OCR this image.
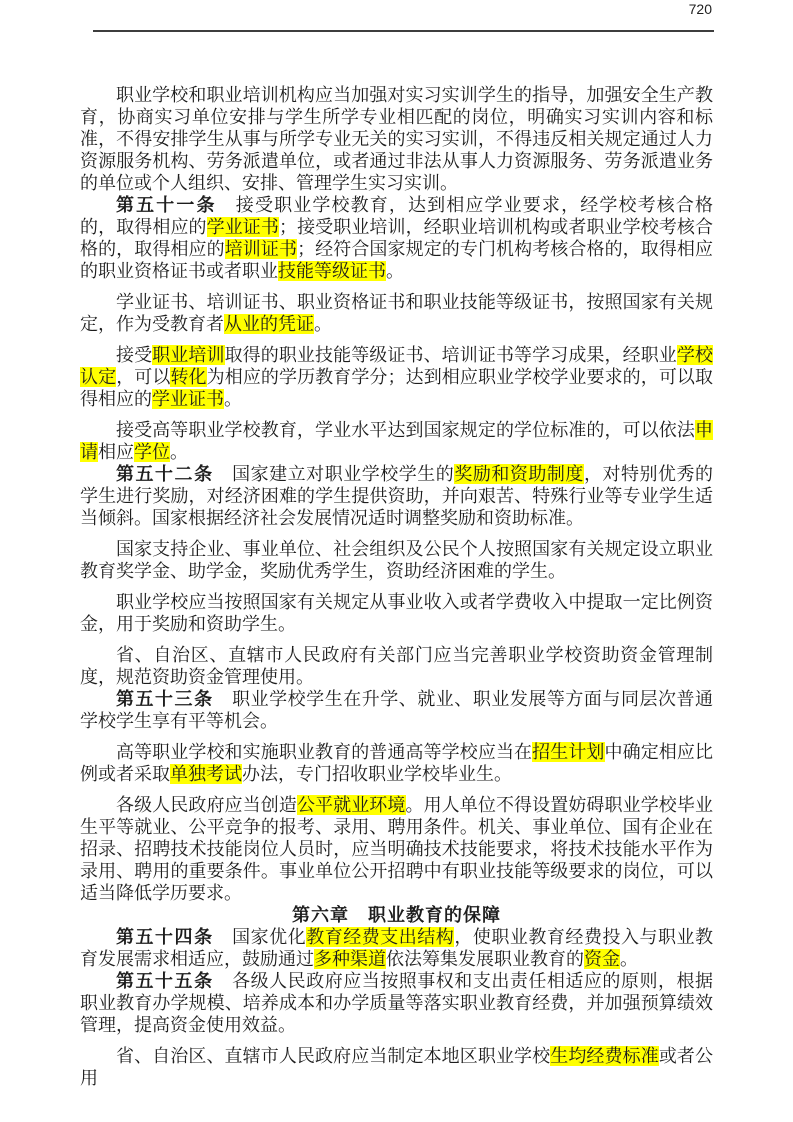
720

职业学校和职业培训机构应当加强对实习实训学生的指导，加强安全生产教育，协商实习单位安排与学生所学专业相匹配的岗位，明确实习实训内容和标准，不得安排学生从事与所学专业无关的实习实训，不得违反相关规定通过人力资源服务机构、劳务派遣单位，或者通过非法从事人力资源服务、劳务派遣业务的单位或个人组织、安排、管理学生实习实训。

第五十一条　接受职业学校教育，达到相应学业要求，经学校考核合格的，取得相应的学业证书；接受职业培训，经职业培训机构或者职业学校考核合格的，取得相应的培训证书；经符合国家规定的专门机构考核合格的，取得相应的职业资格证书或者职业技能等级证书。

学业证书、培训证书、职业资格证书和职业技能等级证书，按照国家有关规定，作为受教育者从业的凭证。

接受职业培训取得的职业技能等级证书、培训证书等学习成果，经职业学校认定，可以转化为相应的学历教育学分；达到相应职业学校学业要求的，可以取得相应的学业证书。

接受高等职业学校教育，学业水平达到国家规定的学位标准的，可以依法申请相应学位。

第五十二条　国家建立对职业学校学生的奖励和资助制度，对特别优秀的学生进行奖励，对经济困难的学生提供资助，并向艰苦、特殊行业等专业学生适当倾斜。国家根据经济社会发展情况适时调整奖励和资助标准。

国家支持企业、事业单位、社会组织及公民个人按照国家有关规定设立职业教育奖学金、助学金，奖励优秀学生，资助经济困难的学生。

职业学校应当按照国家有关规定从事业收入或者学费收入中提取一定比例资金，用于奖励和资助学生。

省、自治区、直辖市人民政府有关部门应当完善职业学校资助资金管理制度，规范资助资金管理使用。

第五十三条　职业学校学生在升学、就业、职业发展等方面与同层次普通学校学生享有平等机会。

高等职业学校和实施职业教育的普通高等学校应当在招生计划中确定相应比例或者采取单独考试办法，专门招收职业学校毕业生。

各级人民政府应当创造公平就业环境。用人单位不得设置妨碍职业学校毕业生平等就业、公平竞争的报考、录用、聘用条件。机关、事业单位、国有企业在招录、招聘技术技能岗位人员时，应当明确技术技能要求，将技术技能水平作为录用、聘用的重要条件。事业单位公开招聘中有职业技能等级要求的岗位，可以适当降低学历要求。

第六章　职业教育的保障

第五十四条　国家优化教育经费支出结构，使职业教育经费投入与职业教育发展需求相适应，鼓励通过多种渠道依法筹集发展职业教育的资金。

第五十五条　各级人民政府应当按照事权和支出责任相适应的原则，根据职业教育办学规模、培养成本和办学质量等落实职业教育经费，并加强预算绩效管理，提高资金使用效益。

省、自治区、直辖市人民政府应当制定本地区职业学校生均经费标准或者公用
